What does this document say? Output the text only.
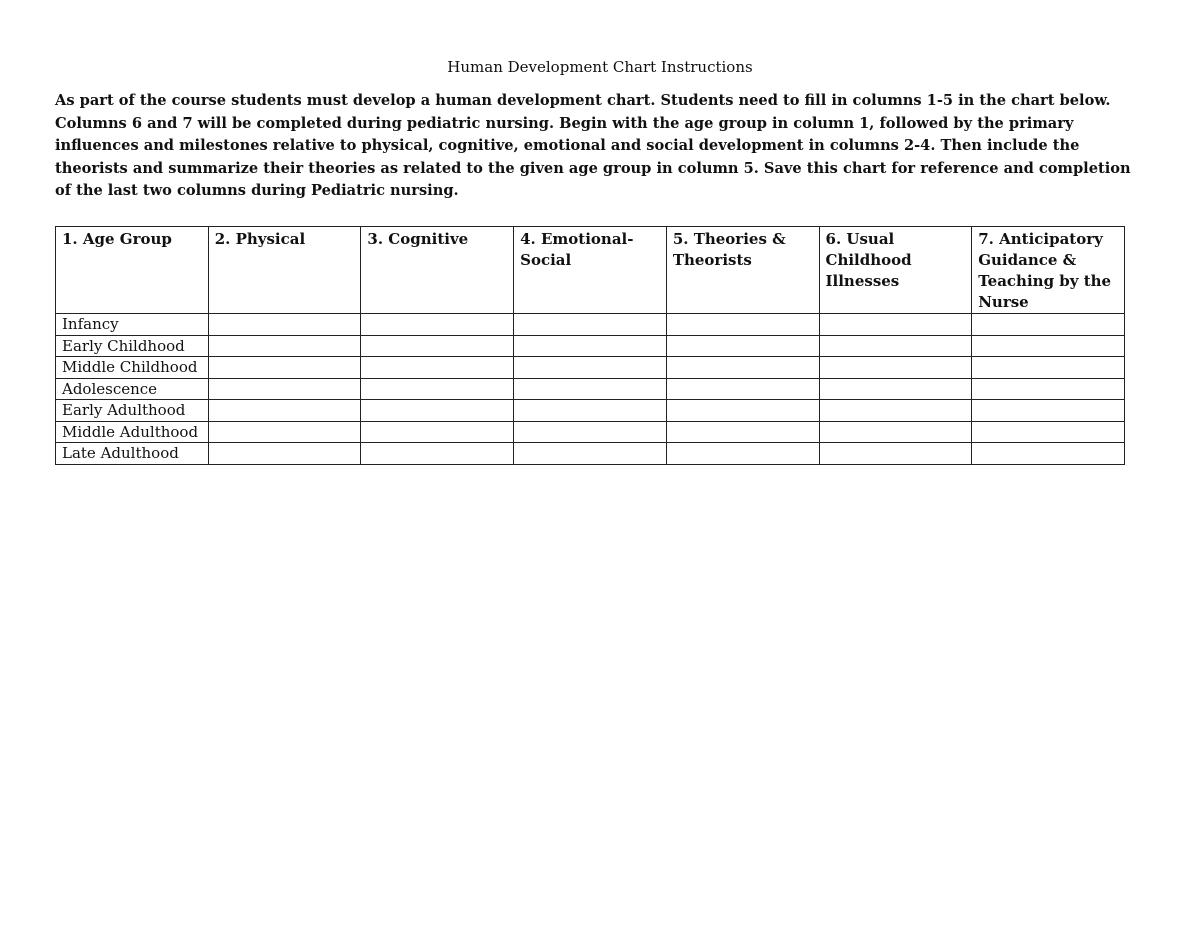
Human Development Chart Instructions
As part of the course students must develop a human development chart. Students need to fill in columns 1-5 in the chart below. Columns 6 and 7 will be completed during pediatric nursing. Begin with the age group in column 1, followed by the primary influences and milestones relative to physical, cognitive, emotional and social development in columns 2-4. Then include the theorists and summarize their theories as related to the given age group in column 5. Save this chart for reference and completion of the last two columns during Pediatric nursing.
1. Age Group	2. Physical	3. Cognitive	4. Emotional-Social	5. Theories & Theorists	6. Usual Childhood Illnesses	7. Anticipatory Guidance & Teaching by the Nurse
Infancy						
Early Childhood						
Middle Childhood						
Adolescence						
Early Adulthood						
Middle Adulthood						
Late Adulthood						
